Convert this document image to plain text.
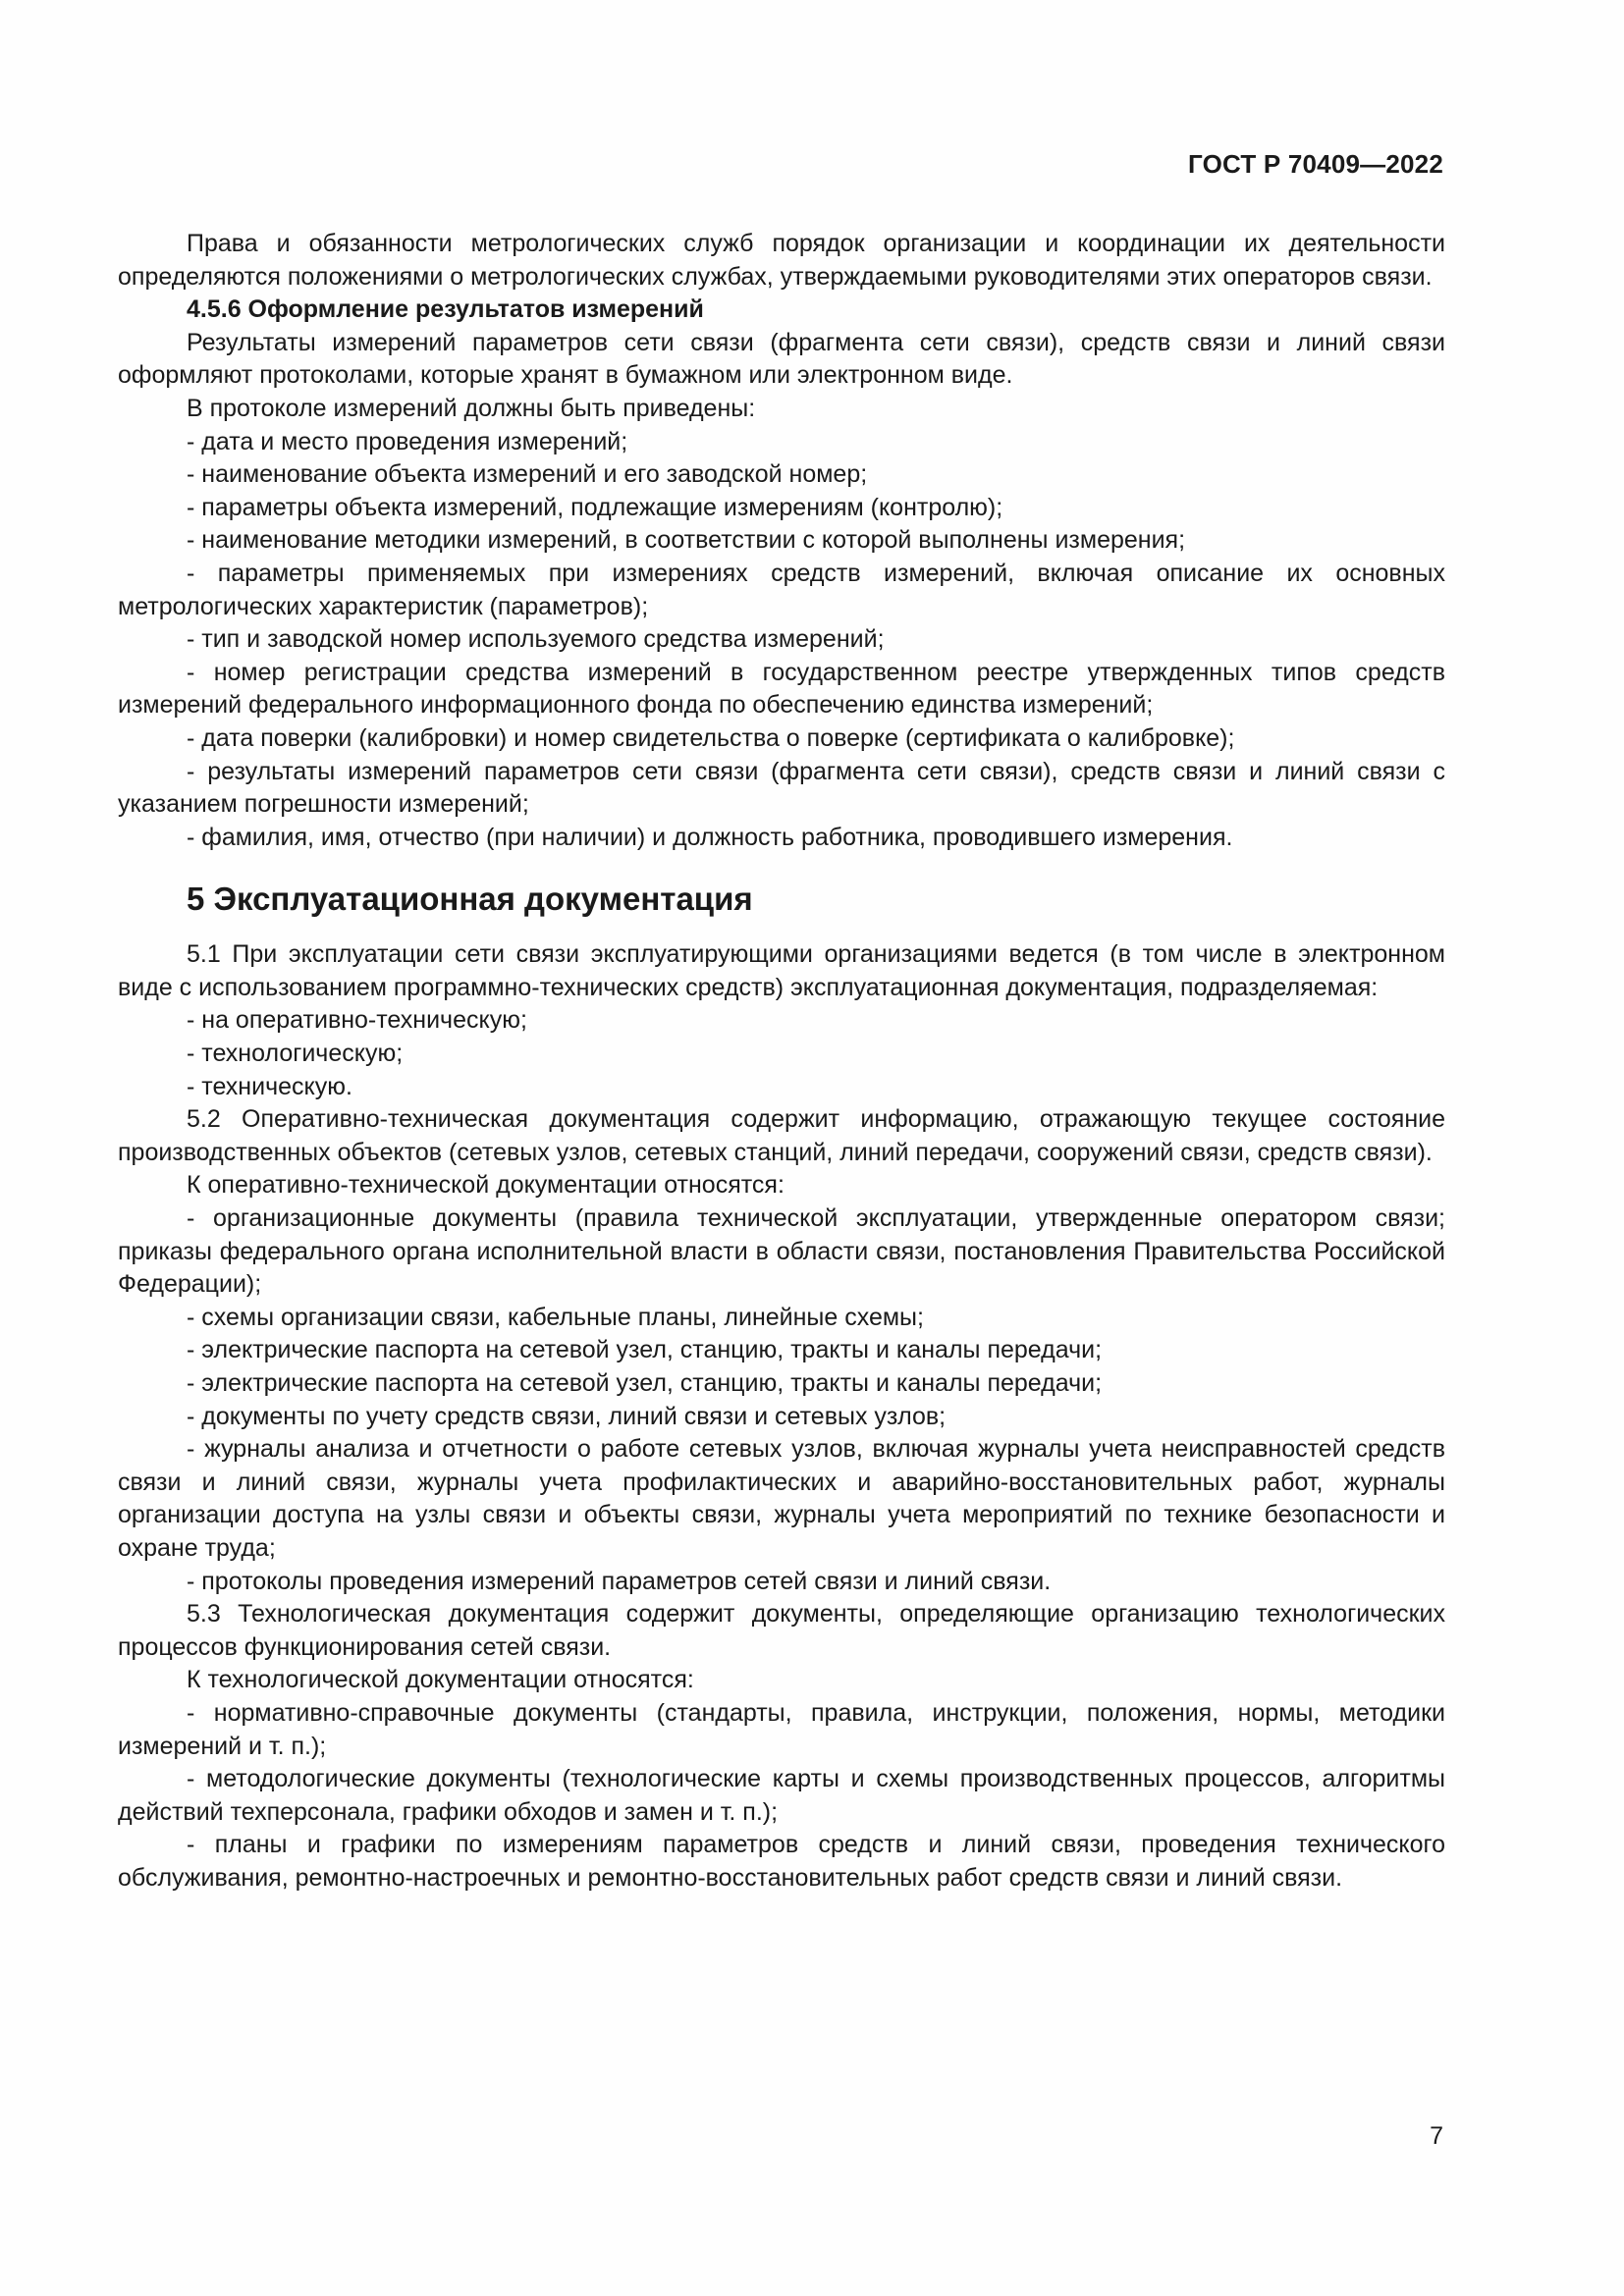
ГОСТ Р 70409—2022

Права и обязанности метрологических служб порядок организации и координации их деятельности определяются положениями о метрологических службах, утверждаемыми руководителями этих операторов связи.

4.5.6 Оформление результатов измерений

Результаты измерений параметров сети связи (фрагмента сети связи), средств связи и линий связи оформляют протоколами, которые хранят в бумажном или электронном виде.

В протоколе измерений должны быть приведены:

- дата и место проведения измерений;

- наименование объекта измерений и его заводской номер;

- параметры объекта измерений, подлежащие измерениям (контролю);

- наименование методики измерений, в соответствии с которой выполнены измерения;

- параметры применяемых при измерениях средств измерений, включая описание их основных метрологических характеристик (параметров);

- тип и заводской номер используемого средства измерений;

- номер регистрации средства измерений в государственном реестре утвержденных типов средств измерений федерального информационного фонда по обеспечению единства измерений;

- дата поверки (калибровки) и номер свидетельства о поверке (сертификата о калибровке);

- результаты измерений параметров сети связи (фрагмента сети связи), средств связи и линий связи с указанием погрешности измерений;

- фамилия, имя, отчество (при наличии) и должность работника, проводившего измерения.

5 Эксплуатационная документация

5.1 При эксплуатации сети связи эксплуатирующими организациями ведется (в том числе в электронном виде с использованием программно-технических средств) эксплуатационная документация, подразделяемая:

- на оперативно-техническую;

- технологическую;

- техническую.

5.2 Оперативно-техническая документация содержит информацию, отражающую текущее состояние производственных объектов (сетевых узлов, сетевых станций, линий передачи, сооружений связи, средств связи).

К оперативно-технической документации относятся:

- организационные документы (правила технической эксплуатации, утвержденные оператором связи; приказы федерального органа исполнительной власти в области связи, постановления Правительства Российской Федерации);

- схемы организации связи, кабельные планы, линейные схемы;

- электрические паспорта на сетевой узел, станцию, тракты и каналы передачи;

- электрические паспорта на сетевой узел, станцию, тракты и каналы передачи;

- документы по учету средств связи, линий связи и сетевых узлов;

- журналы анализа и отчетности о работе сетевых узлов, включая журналы учета неисправностей средств связи и линий связи, журналы учета профилактических и аварийно-восстановительных работ, журналы организации доступа на узлы связи и объекты связи, журналы учета мероприятий по технике безопасности и охране труда;

- протоколы проведения измерений параметров сетей связи и линий связи.

5.3 Технологическая документация содержит документы, определяющие организацию технологических процессов функционирования сетей связи.

К технологической документации относятся:

- нормативно-справочные документы (стандарты, правила, инструкции, положения, нормы, методики измерений и т. п.);

- методологические документы (технологические карты и схемы производственных процессов, алгоритмы действий техперсонала, графики обходов и замен и т. п.);

- планы и графики по измерениям параметров средств и линий связи, проведения технического обслуживания, ремонтно-настроечных и ремонтно-восстановительных работ средств связи и линий связи.

7
